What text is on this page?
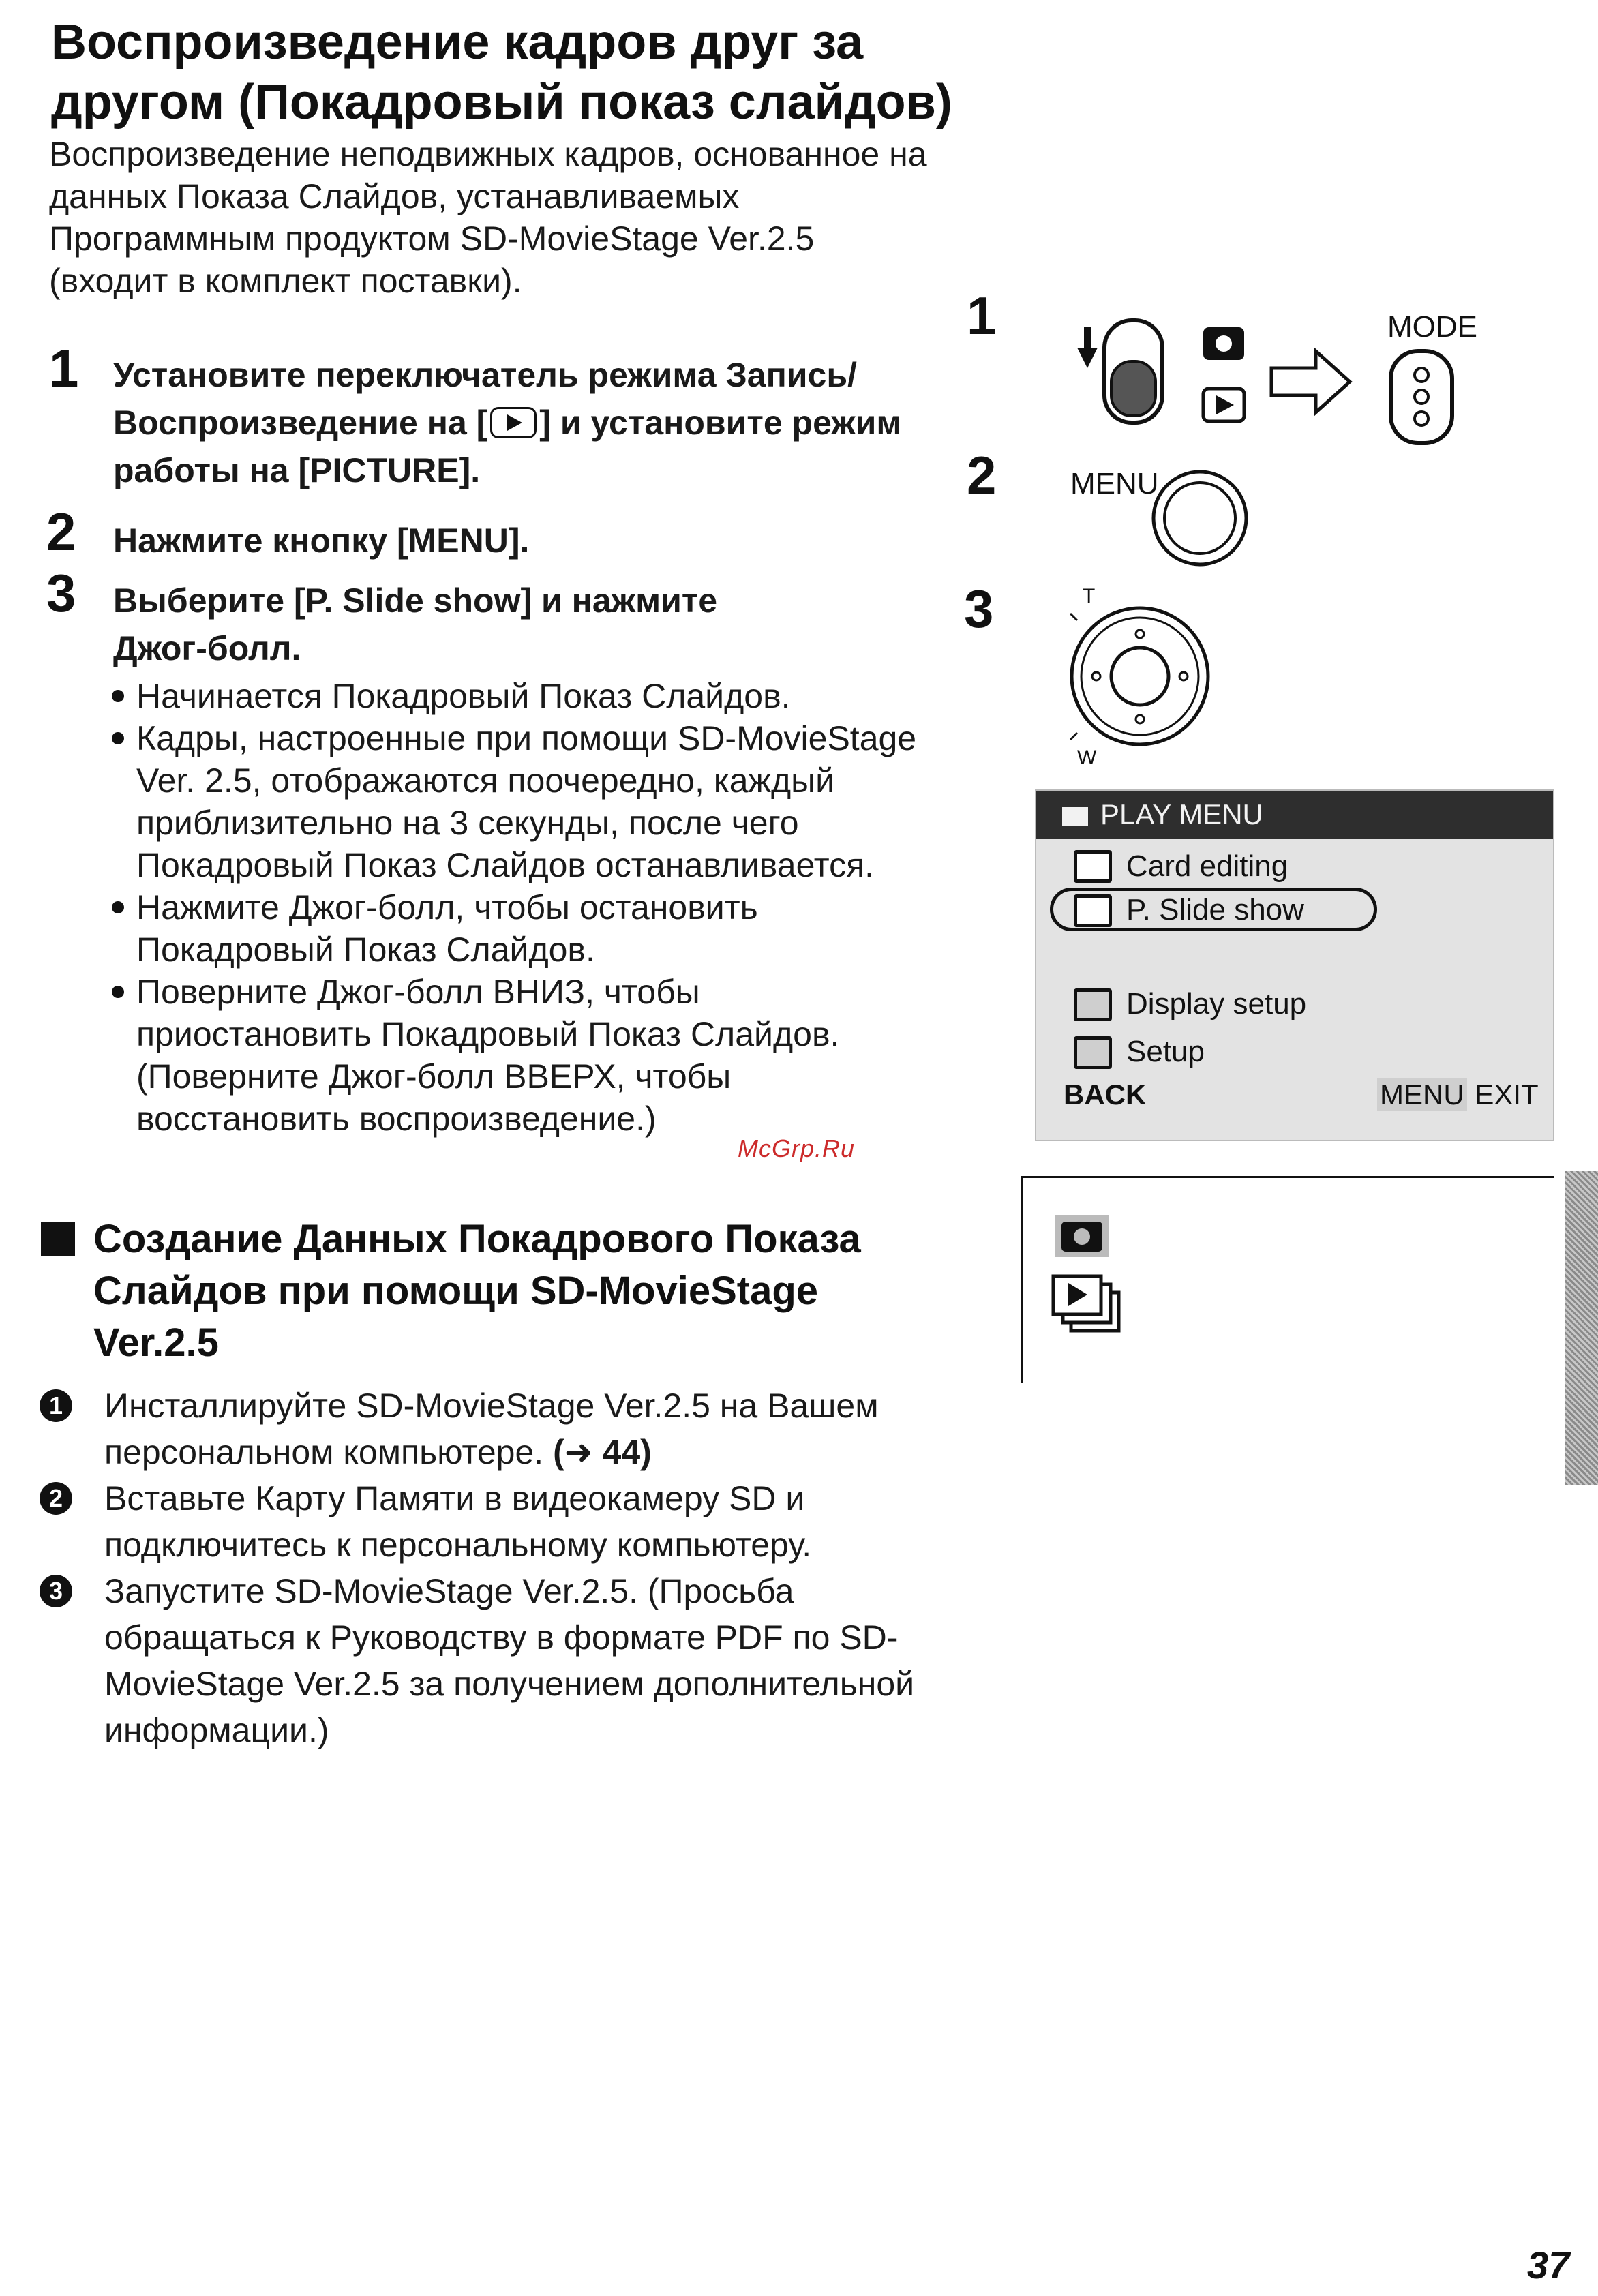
Воспроизведение кадров друг за другом (Покадровый показ слайдов)
Воспроизведение неподвижных кадров, основанное на данных Показа Слайдов, устанавливаемых Программным продуктом SD-MovieStage Ver.2.5 (входит в комплект поставки).
1 Установите переключатель режима Запись/ Воспроизведение на [ ] и установите режим работы на [PICTURE].
2 Нажмите кнопку [MENU].
3 Выберите [P. Slide show] и нажмите Джог-болл.

Начинается Покадровый Показ Слайдов.

Кадры, настроенные при помощи SD-MovieStage Ver. 2.5, отображаются поочередно, каждый приблизительно на 3 секунды, после чего Покадровый Показ Слайдов останавливается.

Нажмите Джог-болл, чтобы остановить Покадровый Показ Слайдов.

Поверните Джог-болл ВНИЗ, чтобы приостановить Покадровый Показ Слайдов. (Поверните Джог-болл ВВЕРХ, чтобы восстановить воспроизведение.)

McGrp.Ru
Создание Данных Покадрового Показа Слайдов при помощи SD-MovieStage Ver.2.5
1 Инсталлируйте SD-MovieStage Ver.2.5 на Вашем персональном компьютере. (➜ 44)
2 Вставьте Карту Памяти в видеокамеру SD и подключитесь к персональному компьютеру.
3 Запустите SD-MovieStage Ver.2.5. (Просьба обращаться к Руководству в формате PDF по SD-MovieStage Ver.2.5 за получением дополнительной информации.)
1
2
3
MODE
MENU
T
W
PLAY MENU
Card editing
P. Slide show
Display setup
Setup
BACK	MENU EXIT
37
